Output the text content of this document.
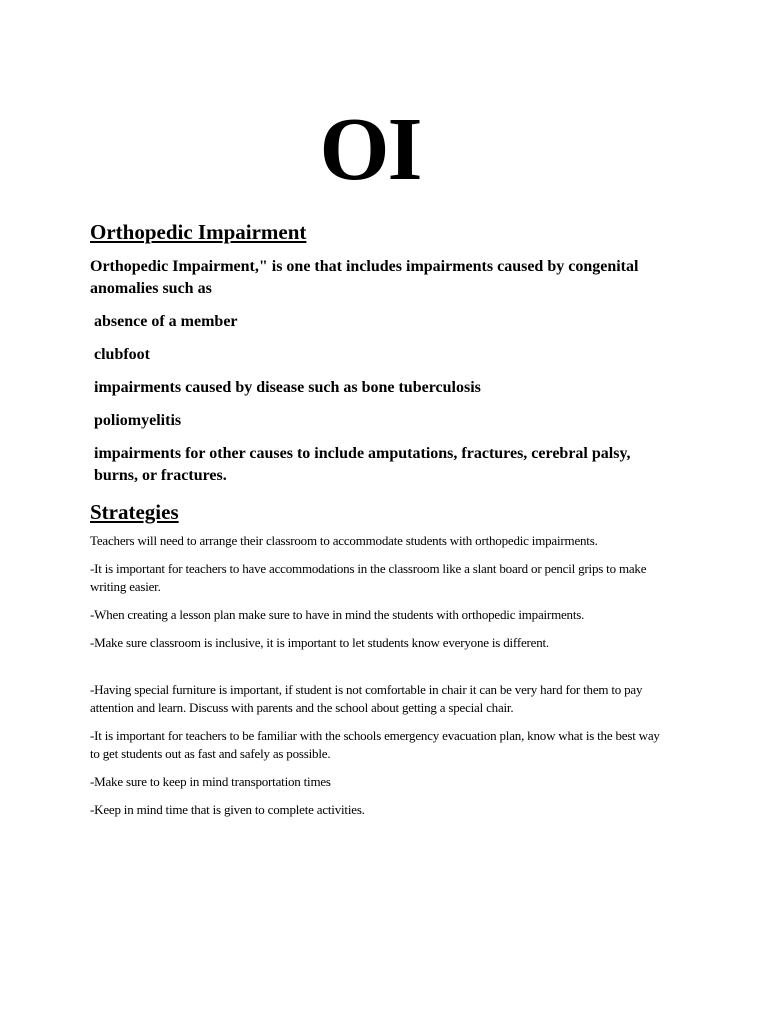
OI
Orthopedic Impairment
Orthopedic Impairment," is one that includes impairments caused by congenital anomalies such as
absence of a member
clubfoot
impairments caused by disease such as bone tuberculosis
poliomyelitis
impairments for other causes to include amputations, fractures, cerebral palsy, burns, or fractures.
Strategies
Teachers will need to arrange their classroom to accommodate students with orthopedic impairments.
-It is important for teachers to have accommodations in the classroom like a slant board or pencil grips to make writing easier.
-When creating a lesson plan make sure to have in mind the students with orthopedic impairments.
-Make sure classroom is inclusive, it is important to let students know everyone is different.
-Having special furniture is important, if student is not comfortable in chair it can be very hard for them to pay attention and learn. Discuss with parents and the school about getting a special chair.
-It is important for teachers to be familiar with the schools emergency evacuation plan, know what is the best way to get students out as fast and safely as possible.
-Make sure to keep in mind transportation times
-Keep in mind time that is given to complete activities.
